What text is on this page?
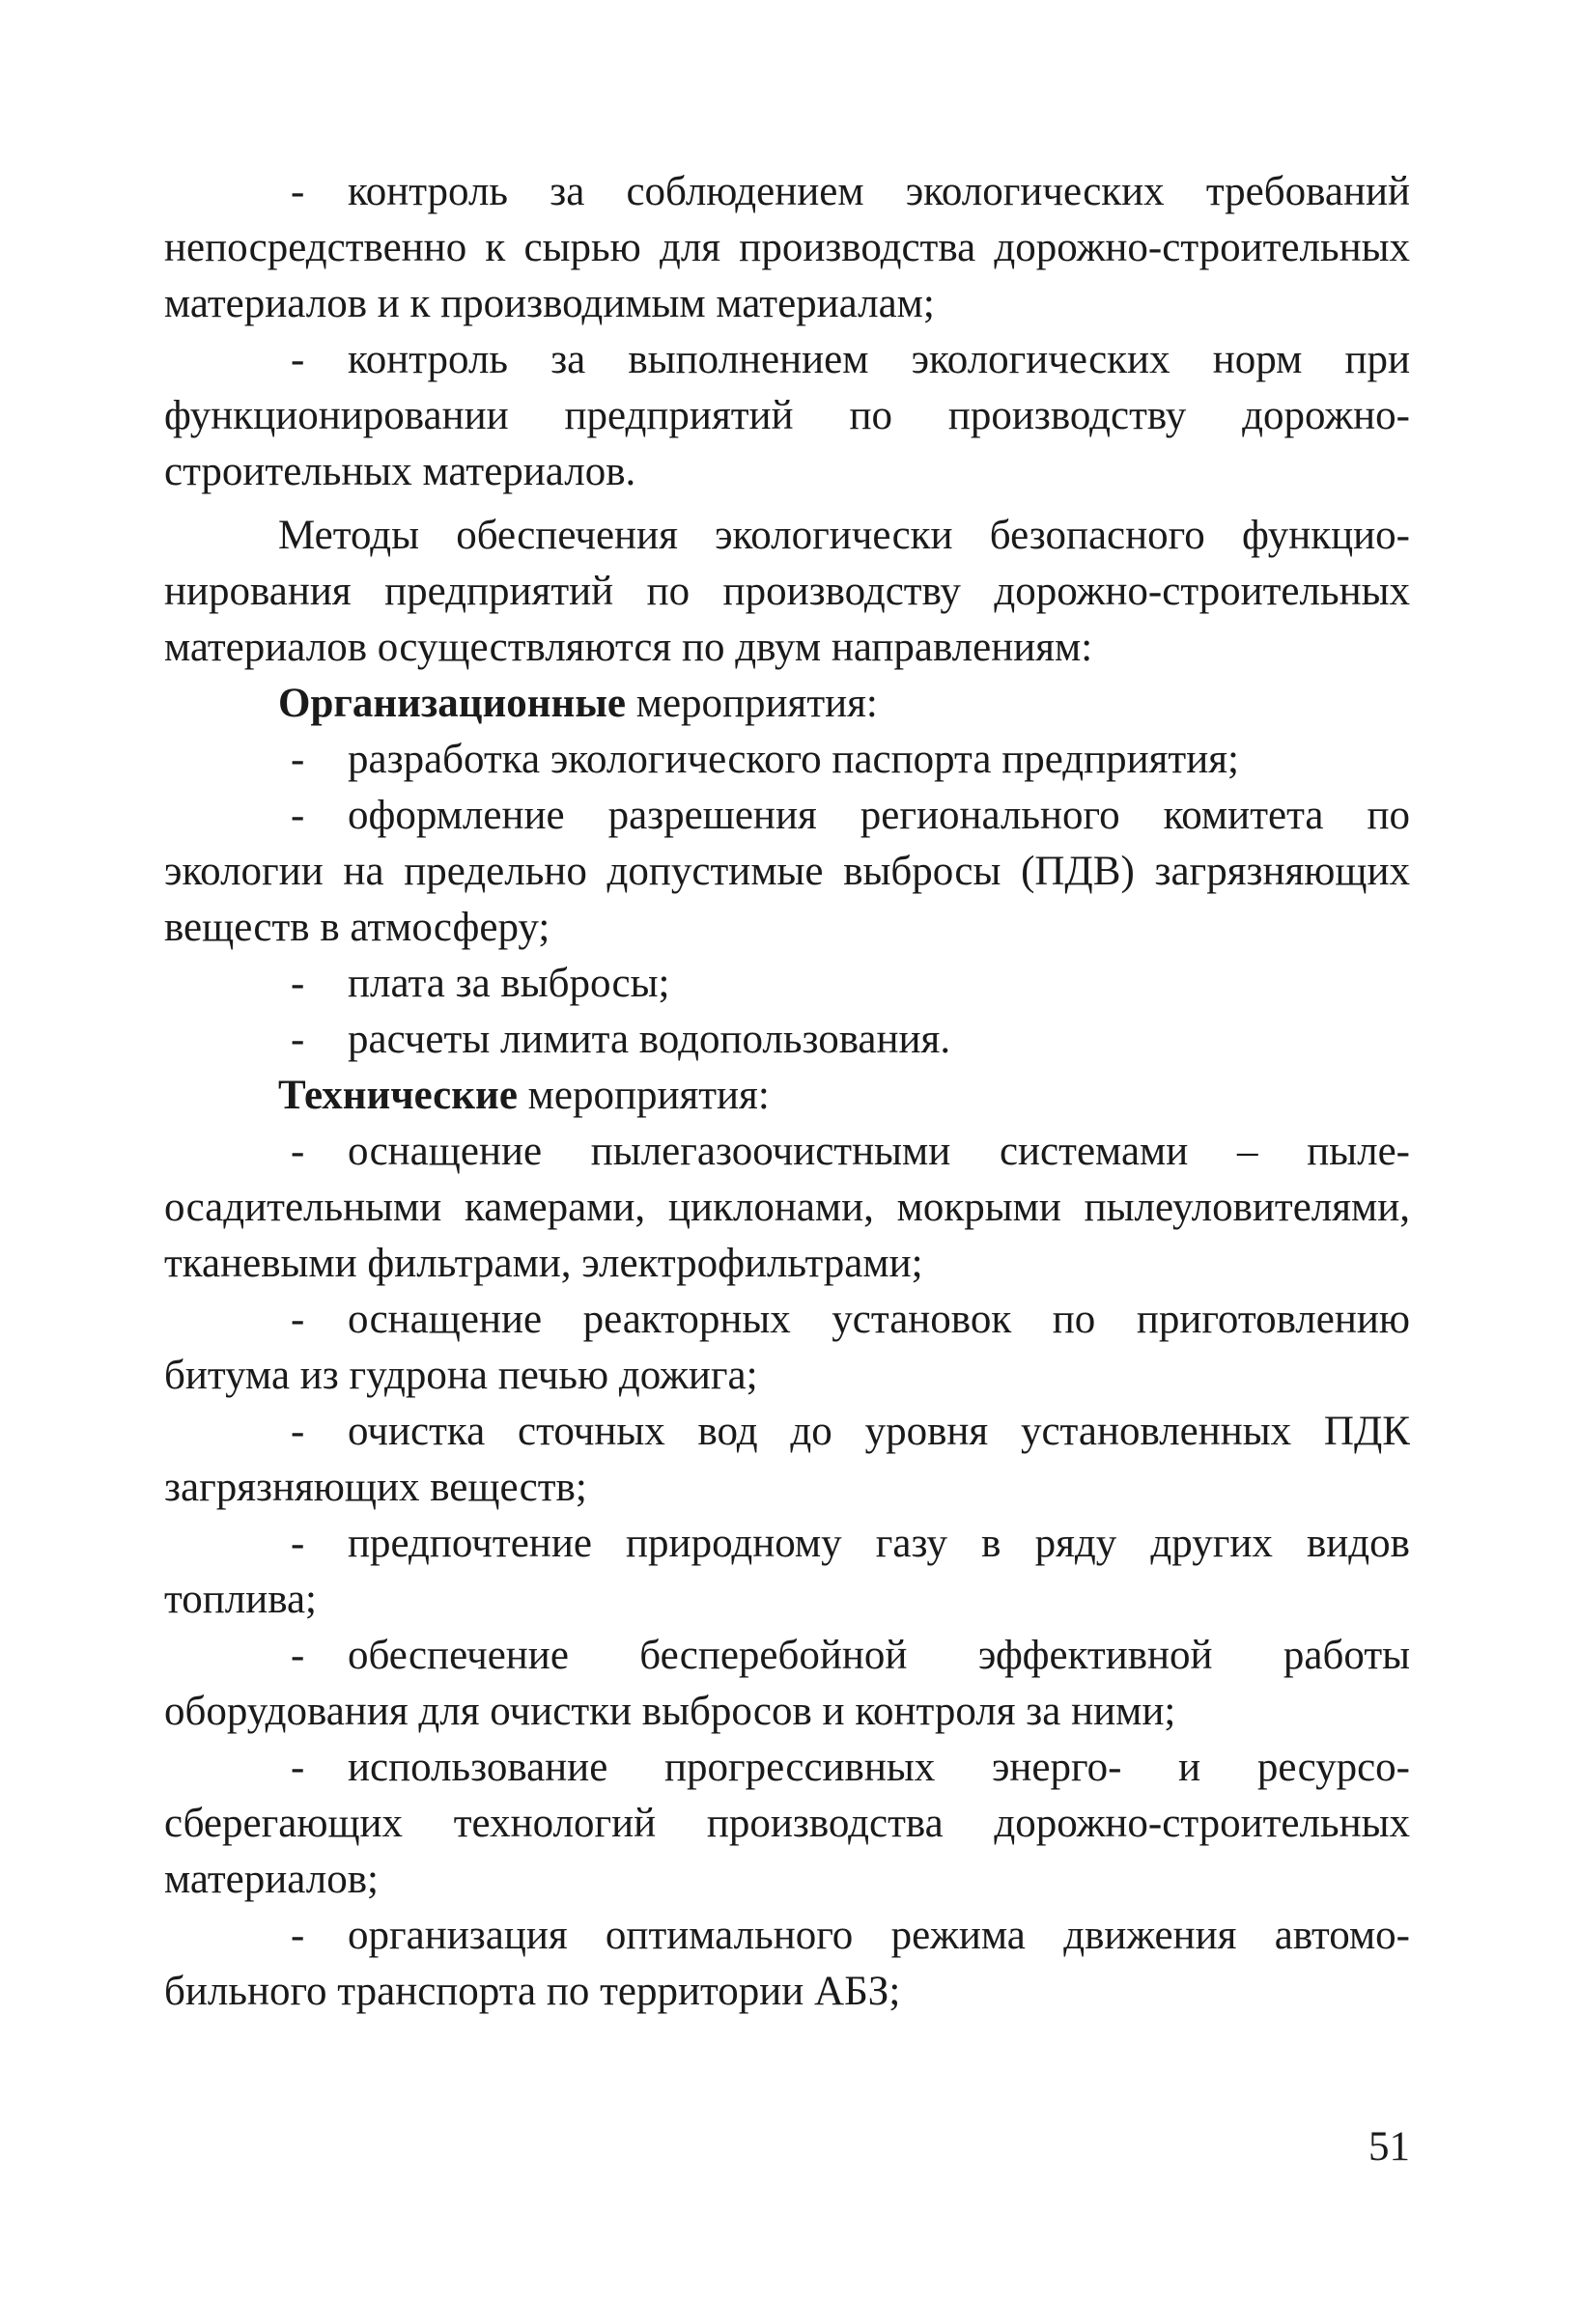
- контроль за соблюдением экологических требований
непосредственно к сырью для производства дорожно-строительных
материалов и к производимым материалам;
- контроль за выполнением экологических норм при
функционировании предприятий по производству дорожно-
строительных материалов.
Методы обеспечения экологически безопасного функцио-
нирования предприятий по производству дорожно-строительных
материалов осуществляются по двум направлениям:
Организационные мероприятия:
- разработка экологического паспорта предприятия;
- оформление разрешения регионального комитета по
экологии на предельно допустимые выбросы (ПДВ) загрязняющих
веществ в атмосферу;
- плата за выбросы;
- расчеты лимита водопользования.
Технические мероприятия:
- оснащение пылегазоочистными системами – пыле-
осадительными камерами, циклонами, мокрыми пылеуловителями,
тканевыми фильтрами, электрофильтрами;
- оснащение реакторных установок по приготовлению
битума из гудрона печью дожига;
- очистка сточных вод до уровня установленных ПДК
загрязняющих веществ;
- предпочтение природному газу в ряду других видов
топлива;
- обеспечение бесперебойной эффективной работы
оборудования для очистки выбросов и контроля за ними;
- использование прогрессивных энерго- и ресурсо-
сберегающих технологий производства дорожно-строительных
материалов;
- организация оптимального режима движения автомо-
бильного транспорта по территории АБЗ;
51
